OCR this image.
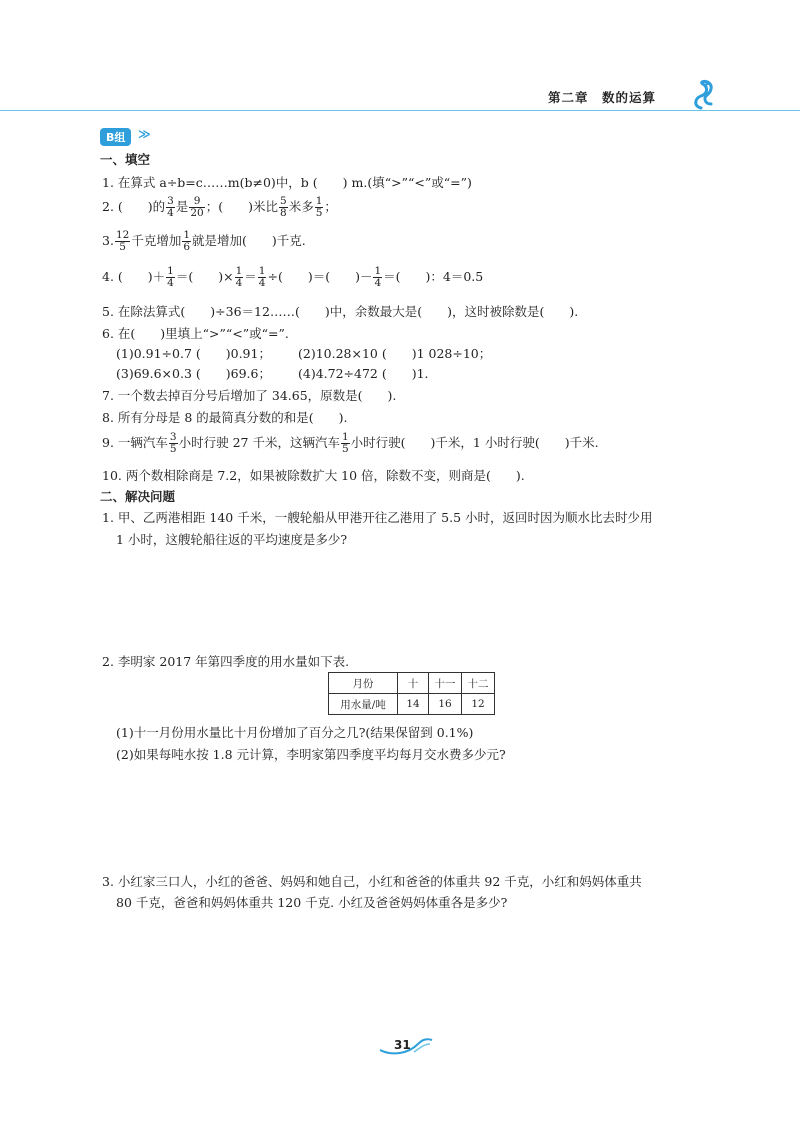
第二章　数的运算
B组	≫
一、填空
1. 在算式 a÷b=c……m(b≠0)中，b (　　) m.(填“>”“<”或“=”)
2. (　　)的 $\frac{3}{4}$ 是 $\frac{9}{20}$ ；(　　)米比 $\frac{5}{8}$ 米多 $\frac{1}{5}$ ；
3. $\frac{12}{5}$ 千克增加 $\frac{1}{6}$ 就是增加(　　)千克.
4. (　　)＋ $\frac{1}{4}$ ＝(　　)× $\frac{1}{4} = \frac{1}{4}$ ÷(　　)＝(　　)－ $\frac{1}{4}$ ＝(　　)：4＝0.5
5. 在除法算式(　　)÷36＝12……(　　)中，余数最大是(　　)，这时被除数是(　　).
6. 在(　　)里填上“>”“<”或“=”.
(1)0.91÷0.7 (　　)0.91； (2)10.28×10 (　　)1 028÷10；
(3)69.6×0.3 (　　)69.6； (4)4.72÷472 (　　)1.
7. 一个数去掉百分号后增加了 34.65，原数是(　　).
8. 所有分母是 8 的最简真分数的和是(　　).
9. 一辆汽车 $\frac{3}{5}$ 小时行驶 27 千米，这辆汽车 $\frac{1}{5}$ 小时行驶(　　)千米，1 小时行驶(　　)千米.
10. 两个数相除商是 7.2，如果被除数扩大 10 倍，除数不变，则商是(　　).
二、解决问题
1. 甲、乙两港相距 140 千米，一艘轮船从甲港开往乙港用了 5.5 小时，返回时因为顺水比去时少用
1 小时，这艘轮船往返的平均速度是多少?
2. 李明家 2017 年第四季度的用水量如下表.
月份	十	十一	十二
用水量/吨	14	16	12
(1)十一月份用水量比十月份增加了百分之几?(结果保留到 0.1%)
(2)如果每吨水按 1.8 元计算，李明家第四季度平均每月交水费多少元?
3. 小红家三口人，小红的爸爸、妈妈和她自己，小红和爸爸的体重共 92 千克，小红和妈妈体重共
80 千克，爸爸和妈妈体重共 120 千克. 小红及爸爸妈妈体重各是多少?
31
